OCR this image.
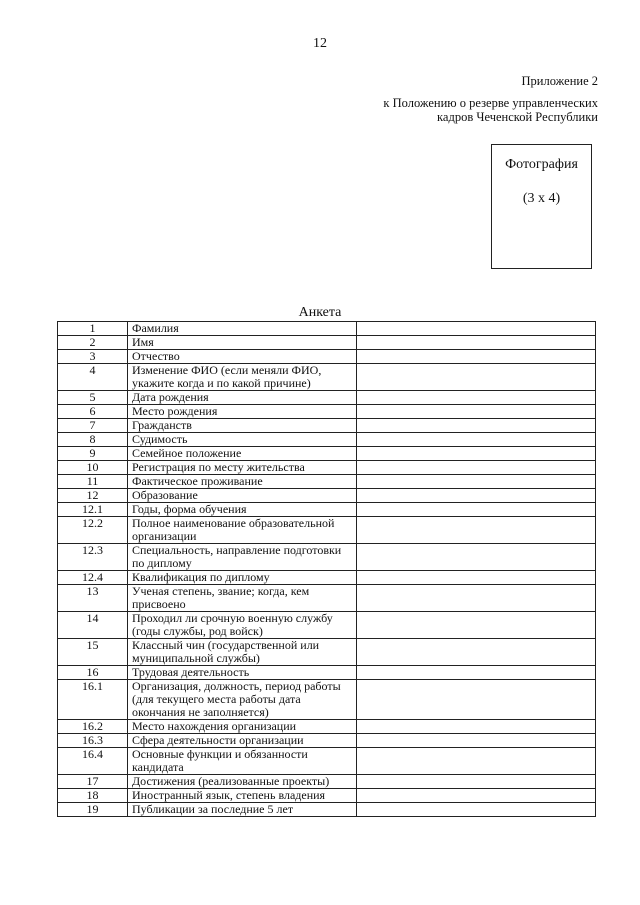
12
Приложение 2
к Положению о резерве управленческих
кадров Чеченской Республики
Фотография
(3 х 4)
Анкета
1	Фамилия	
2	Имя	
3	Отчество	
4	Изменение ФИО (если меняли ФИО, укажите когда и по какой причине)	
5	Дата рождения	
6	Место рождения	
7	Гражданств	
8	Судимость	
9	Семейное положение	
10	Регистрация по месту жительства	
11	Фактическое проживание	
12	Образование	
12.1	Годы, форма обучения	
12.2	Полное наименование образовательной организации	
12.3	Специальность, направление подготовки по диплому	
12.4	Квалификация по диплому	
13	Ученая степень, звание; когда, кем присвоено	
14	Проходил ли срочную военную службу (годы службы, род войск)	
15	Классный чин (государственной или муниципальной службы)	
16	Трудовая деятельность	
16.1	Организация, должность, период работы (для текущего места работы дата окончания не заполняется)	
16.2	Место нахождения организации	
16.3	Сфера деятельности организации	
16.4	Основные функции и обязанности кандидата	
17	Достижения (реализованные проекты)	
18	Иностранный язык, степень владения	
19	Публикации за последние 5 лет	
